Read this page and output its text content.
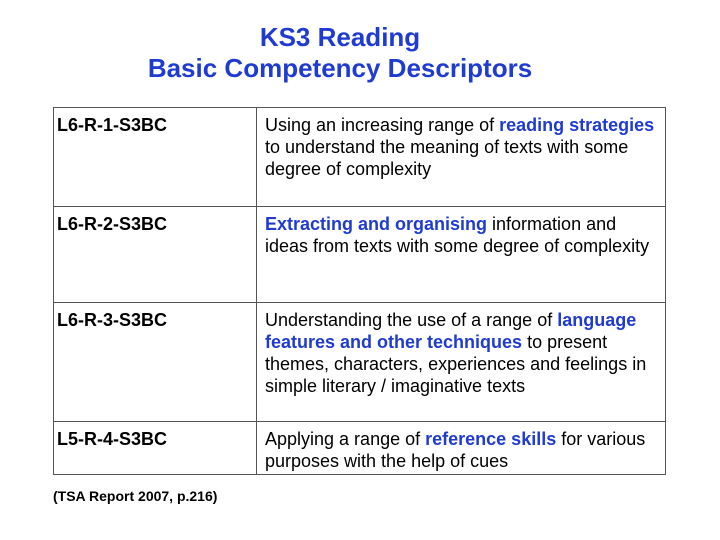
KS3 Reading
Basic Competency Descriptors
L6-R-1-S3BC	Using an increasing range of reading strategies to understand the meaning of texts with some degree of complexity
L6-R-2-S3BC	Extracting and organising information and ideas from texts with some degree of complexity
L6-R-3-S3BC	Understanding the use of a range of language features and other techniques to present themes, characters, experiences and feelings in simple literary / imaginative texts
L5-R-4-S3BC	Applying a range of reference skills for various purposes with the help of cues
(TSA Report 2007, p.216)
